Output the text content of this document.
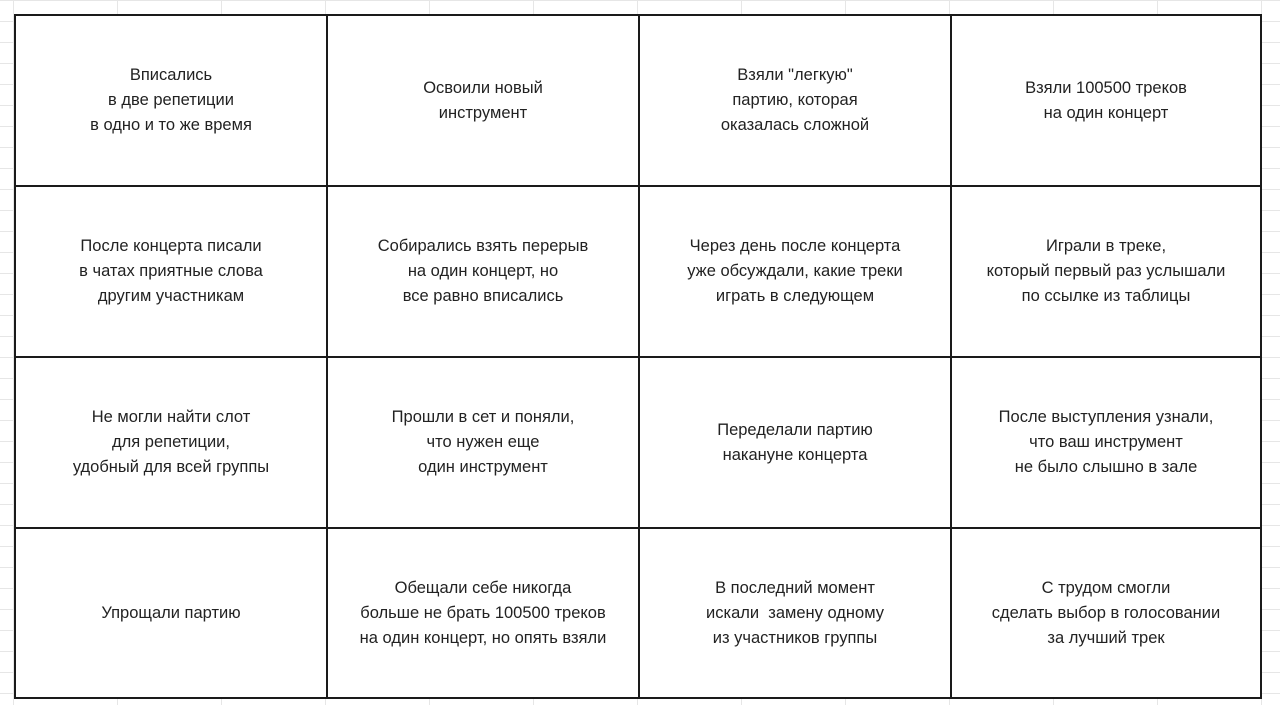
Вписались
в две репетиции
в одно и то же время
Освоили новый
инструмент
Взяли "легкую"
партию, которая
оказалась сложной
Взяли 100500 треков
на один концерт
После концерта писали
в чатах приятные слова
другим участникам
Собирались взять перерыв
на один концерт, но
все равно вписались
Через день после концерта
уже обсуждали, какие треки
играть в следующем
Играли в треке,
который первый раз услышали
по ссылке из таблицы
Не могли найти слот
для репетиции,
удобный для всей группы
Прошли в сет и поняли,
что нужен еще
один инструмент
Переделали партию
накануне концерта
После выступления узнали,
что ваш инструмент
не было слышно в зале
Упрощали партию
Обещали себе никогда
больше не брать 100500 треков
на один концерт, но опять взяли
В последний момент
искали  замену одному
из участников группы
С трудом смогли
сделать выбор в голосовании
за лучший трек
